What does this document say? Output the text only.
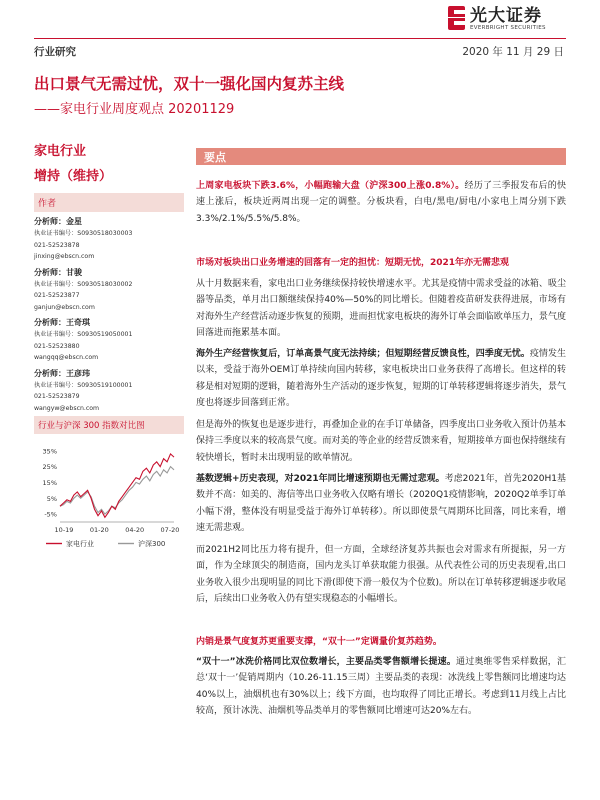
光大证券
EVERBRIGHT SECURITIES
行业研究	2020 年 11 月 29 日
出口景气无需过忧，双十一强化国内复苏主线
——家电行业周度观点 20201129
家电行业
增持（维持）
作者
分析师：金星
执业证书编号：S0930518030003
021-52523878
jinxing@ebscn.com
分析师：甘骏
执业证书编号：S0930518030002
021-52523877
ganjun@ebscn.com
分析师：王奇琪
执业证书编号：S0930519050001
021-52523880
wangqq@ebscn.com
分析师：王彦玮
执业证书编号：S0930519100001
021-52523879
wangyw@ebscn.com
行业与沪深 300 指数对比图
35%
25%
15%
5%
-5%
10-19	01-20	04-20	07-20
家电行业	沪深300
要点
上周家电板块下跌3.6%，小幅跑输大盘（沪深300上涨0.8%）。经历了三季报发布后的快速上涨后，板块近两周出现一定的调整。分板块看，白电/黑电/厨电/小家电上周分别下跌3.3%/2.1%/5.5%/5.8%。
市场对板块出口业务增速的回落有一定的担忧：短期无忧，2021年亦无需悲观
从十月数据来看，家电出口业务继续保持较快增速水平。尤其是疫情中需求受益的冰箱、吸尘器等品类，单月出口额继续保持40%—50%的同比增长。但随着疫苗研发获得进展，市场有对海外生产经营活动逐步恢复的预期，进而担忧家电板块的海外订单会面临欧单压力，景气度回落进而拖累基本面。
海外生产经营恢复后，订单高景气度无法持续；但短期经营反馈良性，四季度无忧。疫情发生以来，受益于海外OEM订单持续向国内转移，家电板块出口业务获得了高增长。但这样的转移是相对短期的逻辑，随着海外生产活动的逐步恢复，短期的订单转移逻辑将逐步消失，景气度也将逐步回落到正常。
但是海外的恢复也是逐步进行，再叠加企业的在手订单储备，四季度出口业务收入预计仍基本保持三季度以来的较高景气度。而对美的等企业的经营反馈来看，短期接单方面也保持继续有较快增长，暂时未出现明显的欧单情况。
基数逻辑+历史表现，对2021年同比增速预期也无需过悲观。考虑2021年，首先2020H1基数并不高：如美的、海信等出口业务收入仅略有增长（2020Q1疫情影响，2020Q2单季订单小幅下滑，整体没有明显受益于海外订单转移）。所以即使景气周期环比回落，同比来看，增速无需悲观。
而2021H2同比压力将有提升，但一方面，全球经济复苏共振也会对需求有所提振，另一方面，作为全球顶尖的制造商，国内龙头订单获取能力很强。从代表性公司的历史表现看,出口业务收入很少出现明显的同比下滑(即使下滑一般仅为个位数)。所以在订单转移逻辑逐步收尾后，后续出口业务收入仍有望实现稳态的小幅增长。
内销是景气度复苏更重要支撑，“双十一”定调量价复苏趋势。
“双十一”冰洗价格同比双位数增长，主要品类零售额增长提速。通过奥维零售采样数据，汇总‘双十一’促销周期内（10.26-11.15三周）主要品类的表现：冰洗线上零售额同比增速均达40%以上，油烟机也有30%以上；线下方面，也均取得了同比正增长。考虑到11月线上占比较高，预计冰洗、油烟机等品类单月的零售额同比增速可达20%左右。
